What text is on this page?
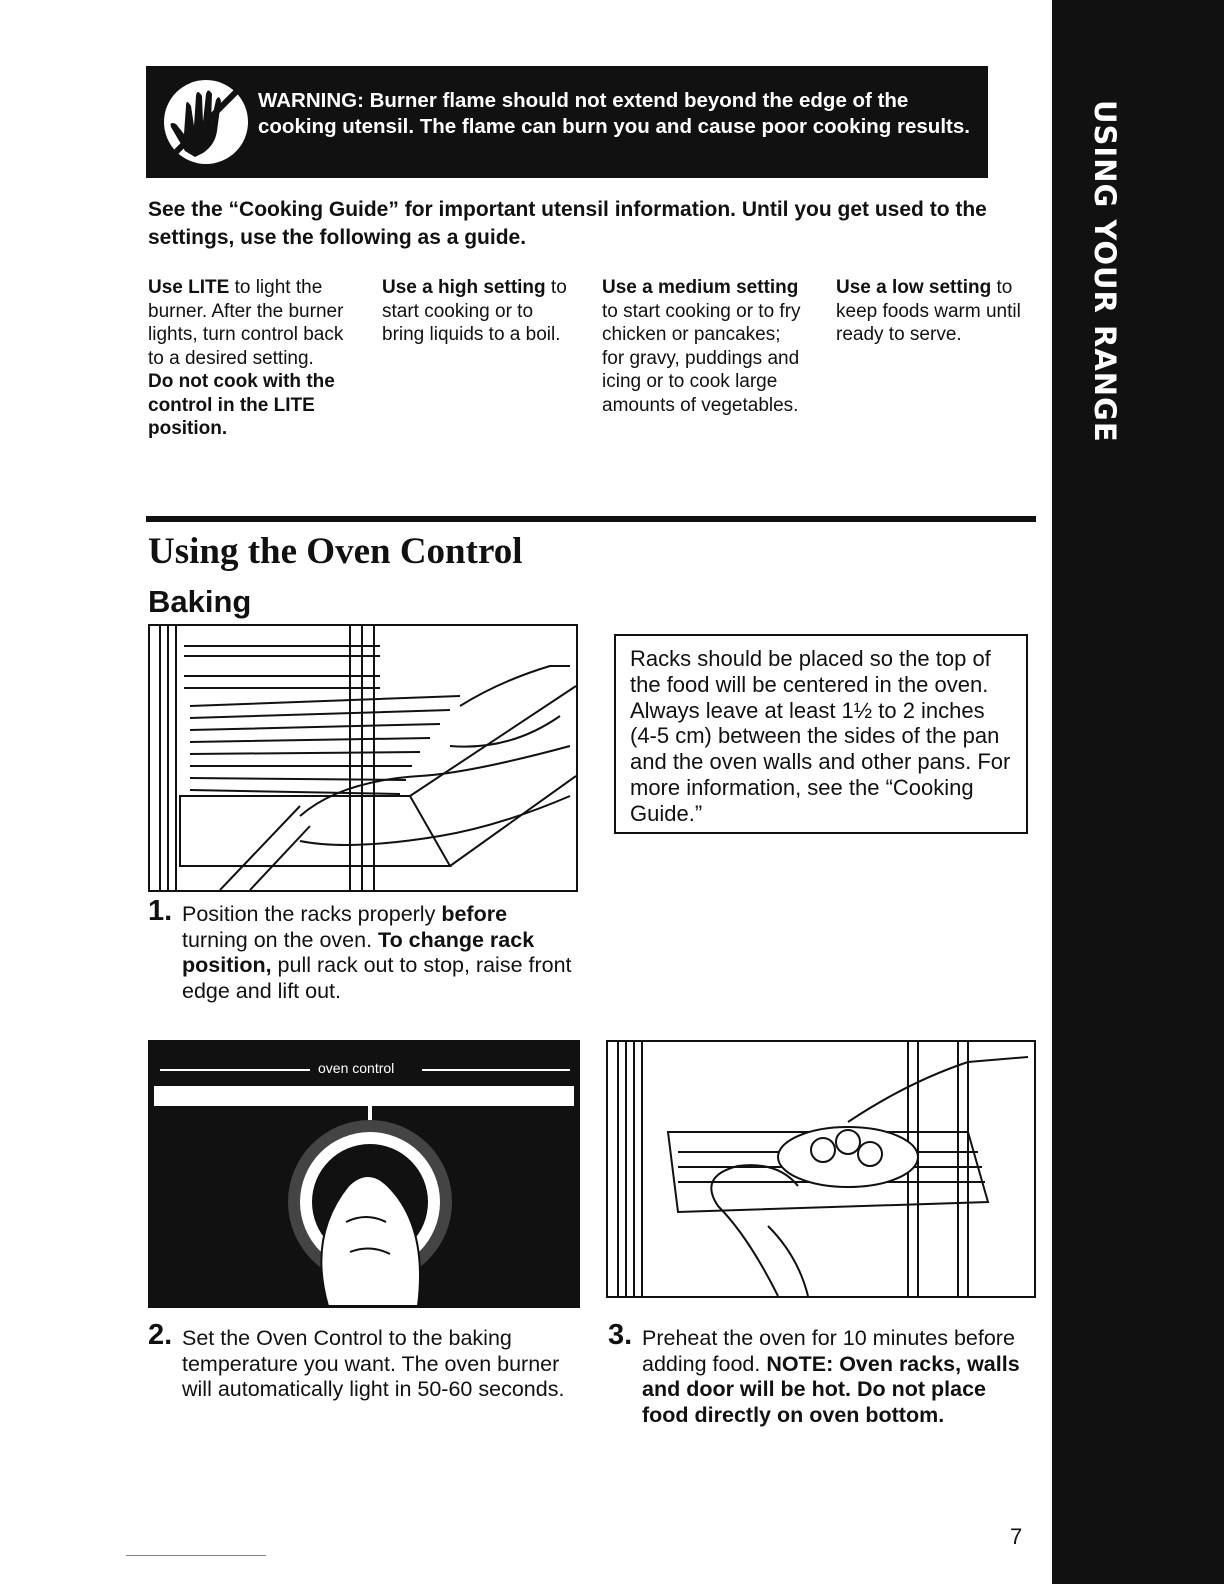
USING YOUR RANGE
WARNING: Burner flame should not extend beyond the edge of the cooking utensil. The flame can burn you and cause poor cooking results.
See the “Cooking Guide” for important utensil information. Until you get used to the settings, use the following as a guide.
Use LITE to light the burner. After the burner lights, turn control back to a desired setting.
Do not cook with the control in the LITE position.
Use a high setting to start cooking or to bring liquids to a boil.
Use a medium setting to start cooking or to fry chicken or pancakes; for gravy, puddings and icing or to cook large amounts of vegetables.
Use a low setting to keep foods warm until ready to serve.
Using the Oven Control
Baking
Racks should be placed so the top of the food will be centered in the oven. Always leave at least 1½ to 2 inches (4-5 cm) between the sides of the pan and the oven walls and other pans. For more information, see the “Cooking Guide.”
1. Position the racks properly before turning on the oven. To change rack position, pull rack out to stop, raise front edge and lift out.
oven control
2. Set the Oven Control to the baking temperature you want. The oven burner will automatically light in 50-60 seconds.
3. Preheat the oven for 10 minutes before adding food. NOTE: Oven racks, walls and door will be hot. Do not place food directly on oven bottom.
7
